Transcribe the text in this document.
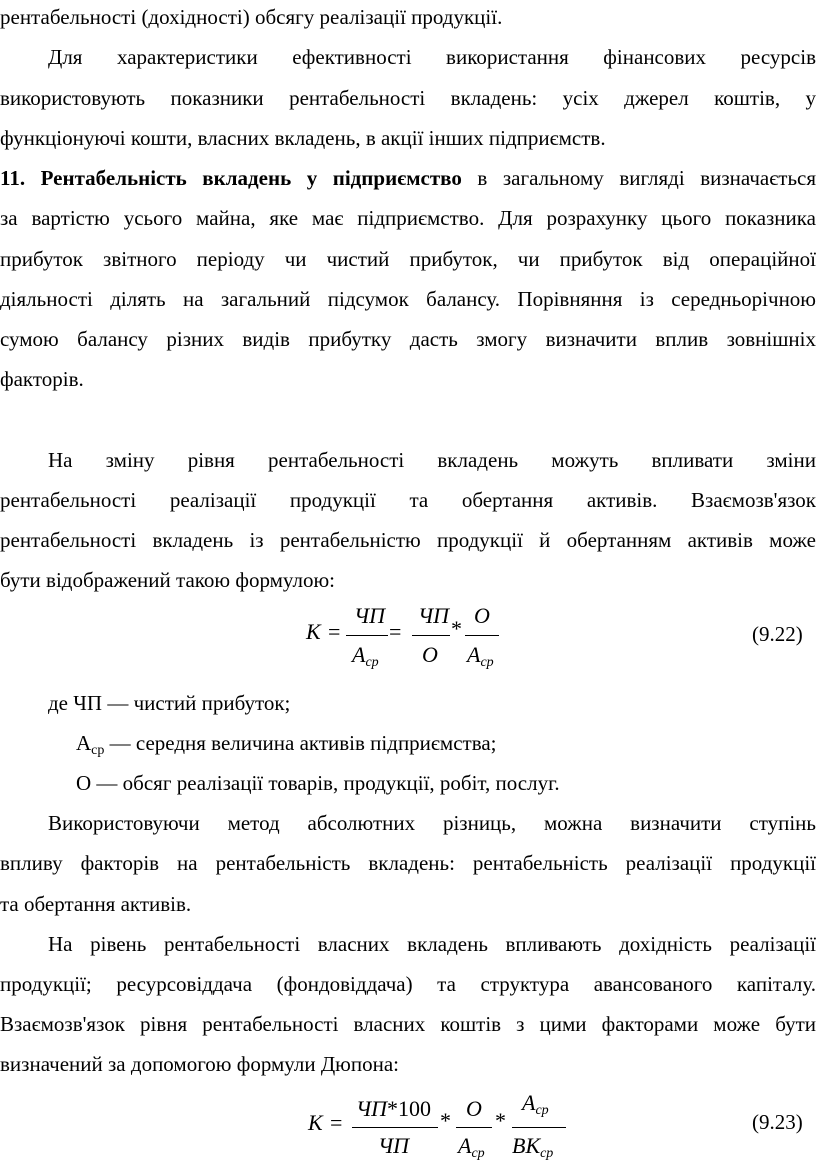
рентабельності (дохідності) обсягу реалізації продукції.
Для характеристики ефективності використання фінансових ресурсів
використовують показники рентабельності вкладень: усіх джерел коштів, у
функціонуючі кошти, власних вкладень, в акції інших підприємств.
11. Рентабельність вкладень у підприємство в загальному вигляді визначається
за вартістю усього майна, яке має підприємство. Для розрахунку цього показника
прибуток звітного періоду чи чистий прибуток, чи прибуток від операційної
діяльності ділять на загальний підсумок балансу. Порівняння із середньорічною
сумою балансу різних видів прибутку дасть змогу визначити вплив зовнішніх
факторів.
На зміну рівня рентабельності вкладень можуть впливати зміни
рентабельності реалізації продукції та обертання активів. Взаємозв'язок
рентабельності вкладень із рентабельністю продукції й обертанням активів може
бути відображений такою формулою:
К =
ЧП
$А_{ср}$
=
ЧП
О
*
О
$А_{ср}$
(9.22)
де ЧП — чистий прибуток;
$А_{ср}$ — середня величина активів підприємства;
О — обсяг реалізації товарів, продукції, робіт, послуг.
Використовуючи метод абсолютних різниць, можна визначити ступінь
впливу факторів на рентабельність вкладень: рентабельність реалізації продукції
та обертання активів.
На рівень рентабельності власних вкладень впливають дохідність реалізації
продукції; ресурсовіддача (фондовіддача) та структура авансованого капіталу.
Взаємозв'язок рівня рентабельності власних коштів з цими факторами може бути
визначений за допомогою формули Дюпона:
К =
ЧП*100
ЧП
* О
$А_{ср}$
*
$А_{ср}$
$ВК_{ср}$
(9.23)
